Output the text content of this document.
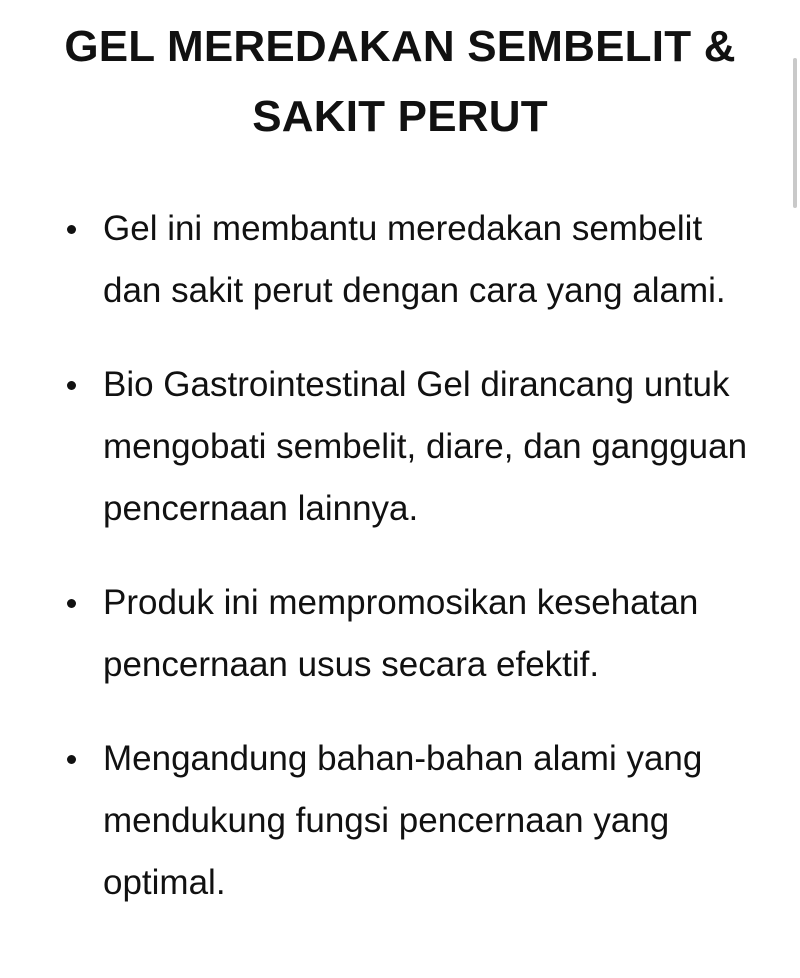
GEL MEREDAKAN SEMBELIT &
SAKIT PERUT
Gel ini membantu meredakan sembelit dan sakit perut dengan cara yang alami.
Bio Gastrointestinal Gel dirancang untuk mengobati sembelit, diare, dan gangguan pencernaan lainnya.
Produk ini mempromosikan kesehatan pencernaan usus secara efektif.
Mengandung bahan-bahan alami yang mendukung fungsi pencernaan yang optimal.
